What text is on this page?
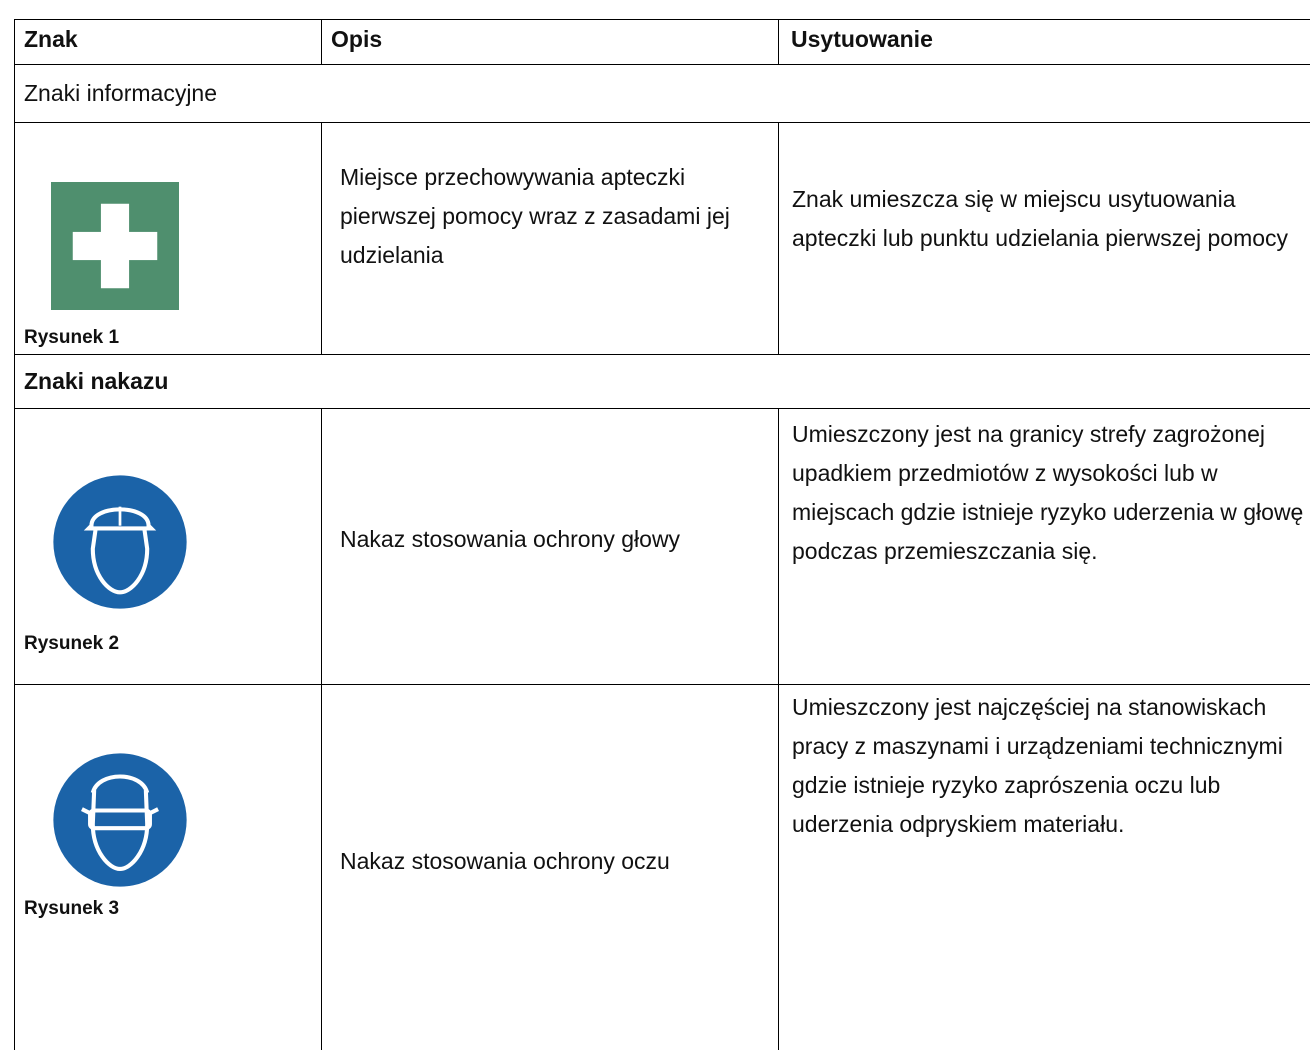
Znak	Opis	Usytuowanie
Znaki informacyjne
Rysunek 1
Miejsce przechowywania apteczki pierwszej pomocy wraz z zasadami jej udzielania
Znak umieszcza się w miejscu usytuowania apteczki lub punktu udzielania pierwszej pomocy
Znaki nakazu
Rysunek 2
Nakaz stosowania ochrony głowy
Umieszczony jest na granicy strefy zagrożonej upadkiem przedmiotów z wysokości lub w miejscach gdzie istnieje ryzyko uderzenia w głowę podczas przemieszczania się.
Rysunek 3
Nakaz stosowania ochrony oczu
Umieszczony jest najczęściej na stanowiskach pracy z maszynami i urządzeniami technicznymi gdzie istnieje ryzyko zaprószenia oczu lub uderzenia odpryskiem materiału.
